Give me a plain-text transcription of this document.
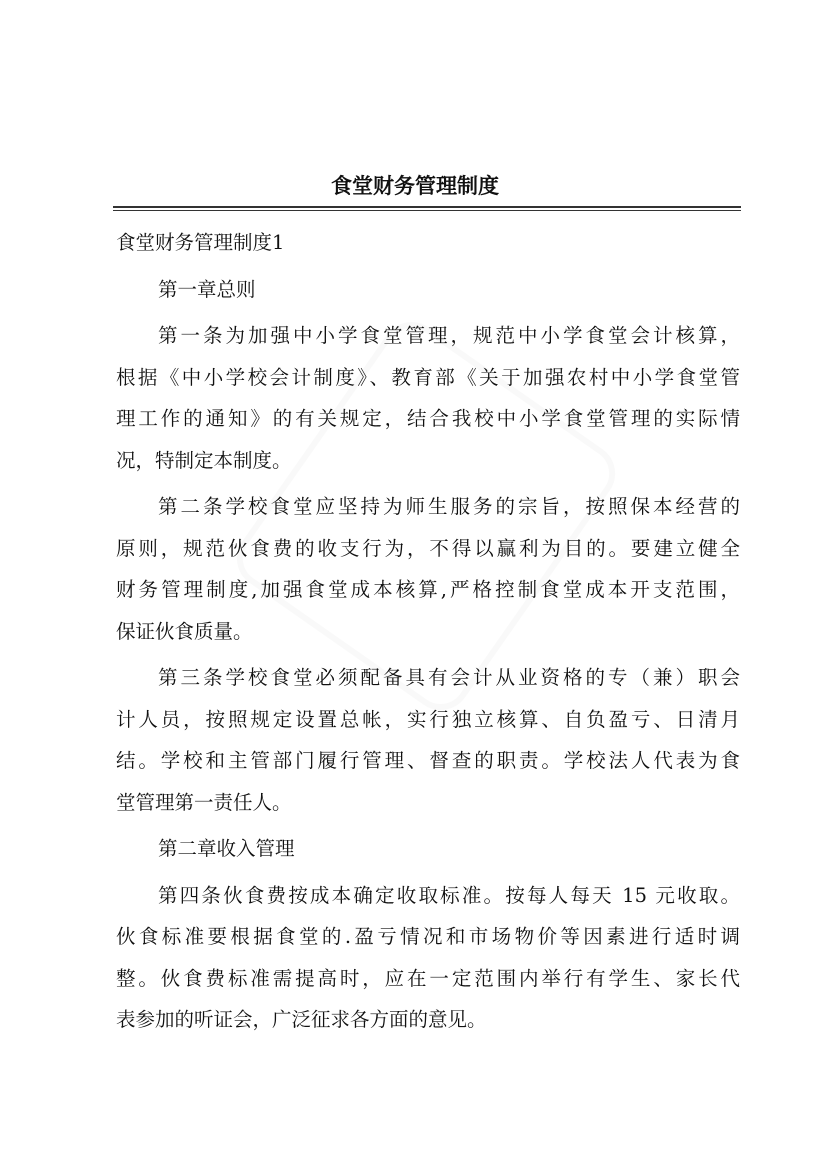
食堂财务管理制度
食堂财务管理制度1
第一章总则
第一条为加强中小学食堂管理，规范中小学食堂会计核算，
根据《中小学校会计制度》、教育部《关于加强农村中小学食堂管
理工作的通知》的有关规定，结合我校中小学食堂管理的实际情
况，特制定本制度。
第二条学校食堂应坚持为师生服务的宗旨，按照保本经营的
原则，规范伙食费的收支行为，不得以赢利为目的。要建立健全
财务管理制度,加强食堂成本核算,严格控制食堂成本开支范围，
保证伙食质量。
第三条学校食堂必须配备具有会计从业资格的专（兼）职会
计人员，按照规定设置总帐，实行独立核算、自负盈亏、日清月
结。学校和主管部门履行管理、督查的职责。学校法人代表为食
堂管理第一责任人。
第二章收入管理
第四条伙食费按成本确定收取标准。按每人每天 15 元收取。
伙食标准要根据食堂的.盈亏情况和市场物价等因素进行适时调
整。伙食费标准需提高时，应在一定范围内举行有学生、家长代
表参加的听证会，广泛征求各方面的意见。
